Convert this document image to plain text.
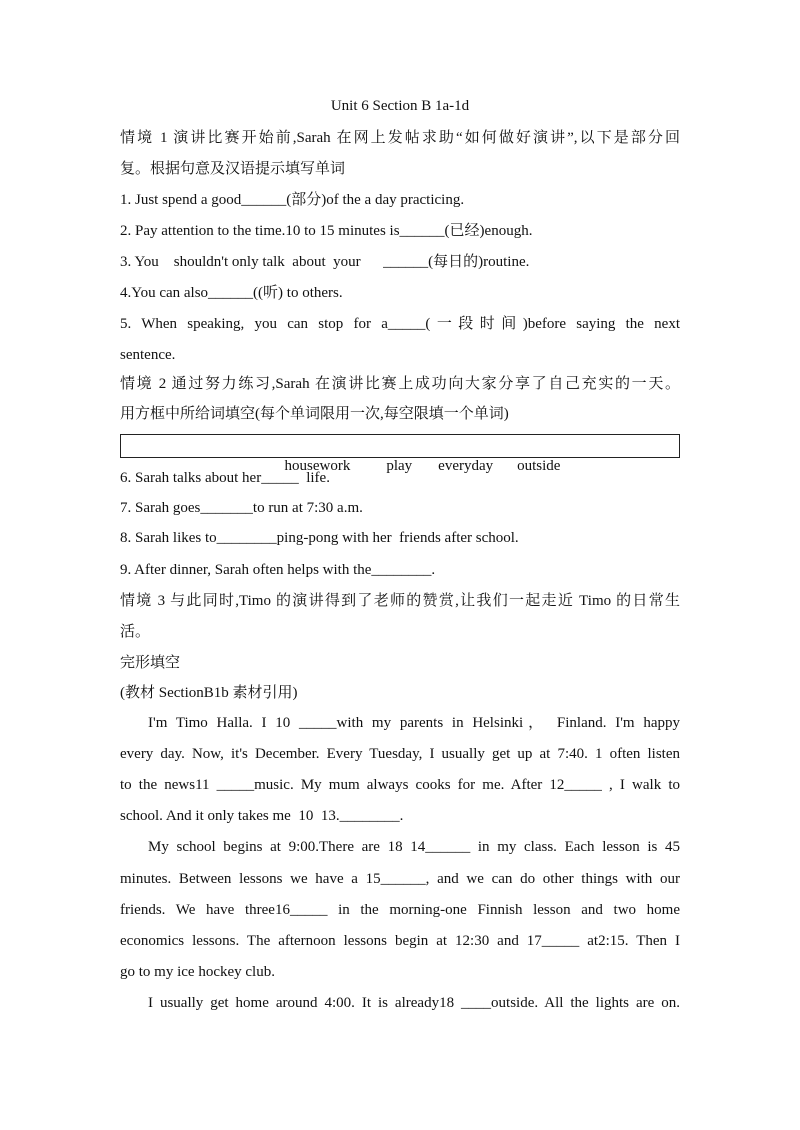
Unit 6 Section B 1a-1d
情境 1 演讲比赛开始前,Sarah 在网上发帖求助“如何做好演讲”,以下是部分回
复。根据句意及汉语提示填写单词
1. Just spend a good______(部分)of the a day practicing.
2. Pay attention to the time.10 to 15 minutes is______(已经)enough.
3. You    shouldn't only talk  about  your      ______(每日的)routine.
4.You can also______((听) to others.
5. When speaking, you can stop for a_____(一段时间)before saying the next
sentence.
情境 2 通过努力练习,Sarah 在演讲比赛上成功向大家分享了自己充实的一天。
用方框中所给词填空(每个单词限用一次,每空限填一个单词)

housework play everyday outside

6. Sarah talks about her_____  life.
7. Sarah goes_______to run at 7:30 a.m.
8. Sarah likes to________ping-pong with her  friends after school.
9. After dinner, Sarah often helps with the________.
情境 3 与此同时,Timo 的演讲得到了老师的赞赏,让我们一起走近 Timo 的日常生
活。
完形填空
(教材 SectionB1b 素材引用)
I'm Timo Halla. I 10 _____with my parents in Helsinki， Finland. I'm happy
every day. Now, it's December. Every Tuesday, I usually get up at 7:40. 1 often listen
to the news11 _____music. My mum always cooks for me. After 12_____ , I walk to
school. And it only takes me  10  13.________.
My school begins at 9:00.There are 18 14______ in my class. Each lesson is 45
minutes. Between lessons we have a 15______, and we can do other things with our
friends. We have three16_____ in the morning-one Finnish lesson and two home
economics lessons. The afternoon lessons begin at 12:30 and 17_____ at2:15. Then I
go to my ice hockey club.
I usually get home around 4:00. It is already18 ____outside. All the lights are on.
